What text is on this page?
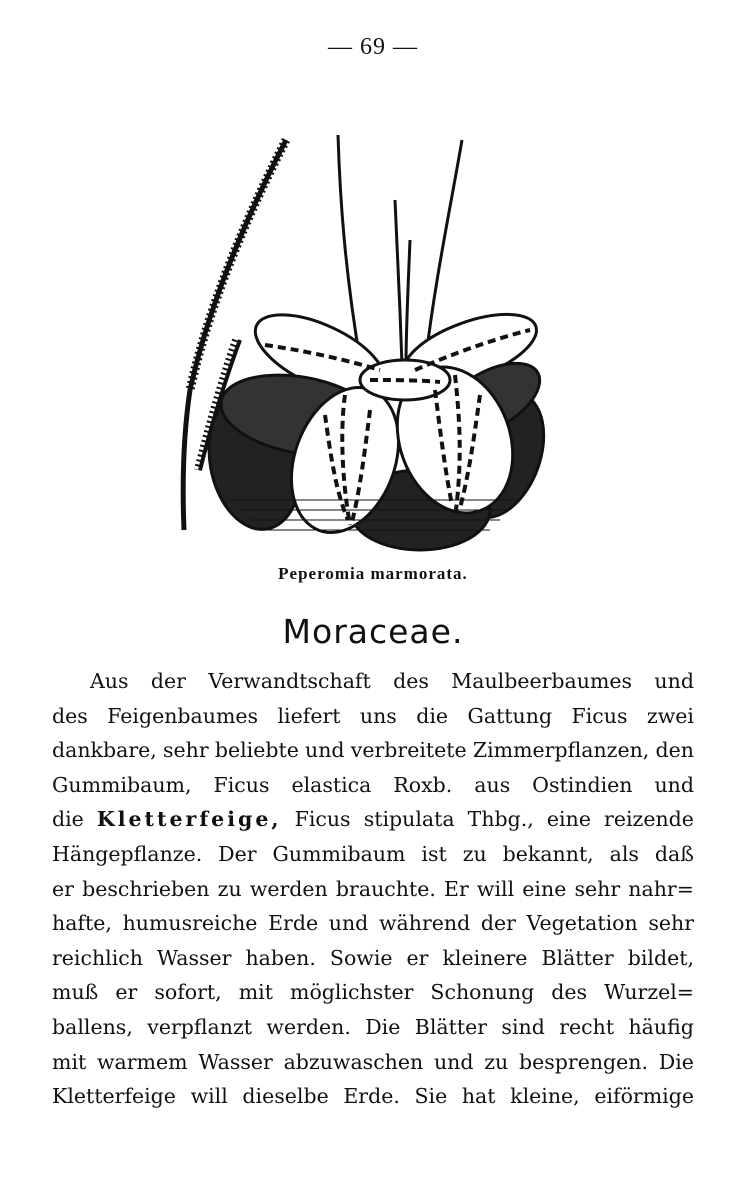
— 69 —
Peperomia marmorata.
Moraceae.
Aus der Verwandtschaft des Maulbeerbaumes und
des Feigenbaumes liefert uns die Gattung Ficus zwei
dankbare, sehr beliebte und verbreitete Zimmerpflanzen, den
Gummibaum, Ficus elastica Roxb. aus Ostindien und
die Kletterfeige, Ficus stipulata Thbg., eine reizende
Hängepflanze. Der Gummibaum ist zu bekannt, als daß
er beschrieben zu werden brauchte. Er will eine sehr nahr=
hafte, humusreiche Erde und während der Vegetation sehr
reichlich Wasser haben. Sowie er kleinere Blätter bildet,
muß er sofort, mit möglichster Schonung des Wurzel=
ballens, verpflanzt werden. Die Blätter sind recht häufig
mit warmem Wasser abzuwaschen und zu besprengen. Die
Kletterfeige will dieselbe Erde. Sie hat kleine, eiförmige
